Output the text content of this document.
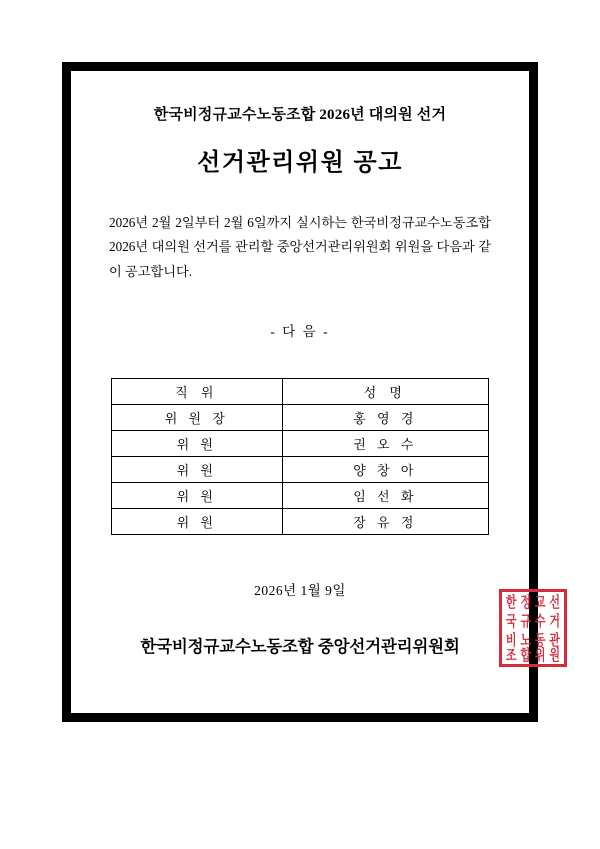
한국비정규교수노동조합 2026년 대의원 선거
선거관리위원 공고
2026년 2월 2일부터 2월 6일까지 실시하는 한국비정규교수노동조합 2026년 대의원 선거를 관리할 중앙선거관리위원회 위원을 다음과 같이 공고합니다.
- 다 음 -
직 위	성 명
위 원 장	홍 영 경
위 원	권 오 수
위 원	양 창 아
위 원	임 선 화
위 원	장 유 정
2026년 1월 9일
한국비정규교수노동조합 중앙선거관리위원회
한 정 교 선
국 규 수 거
비 노 동 관
조 합 위 원
